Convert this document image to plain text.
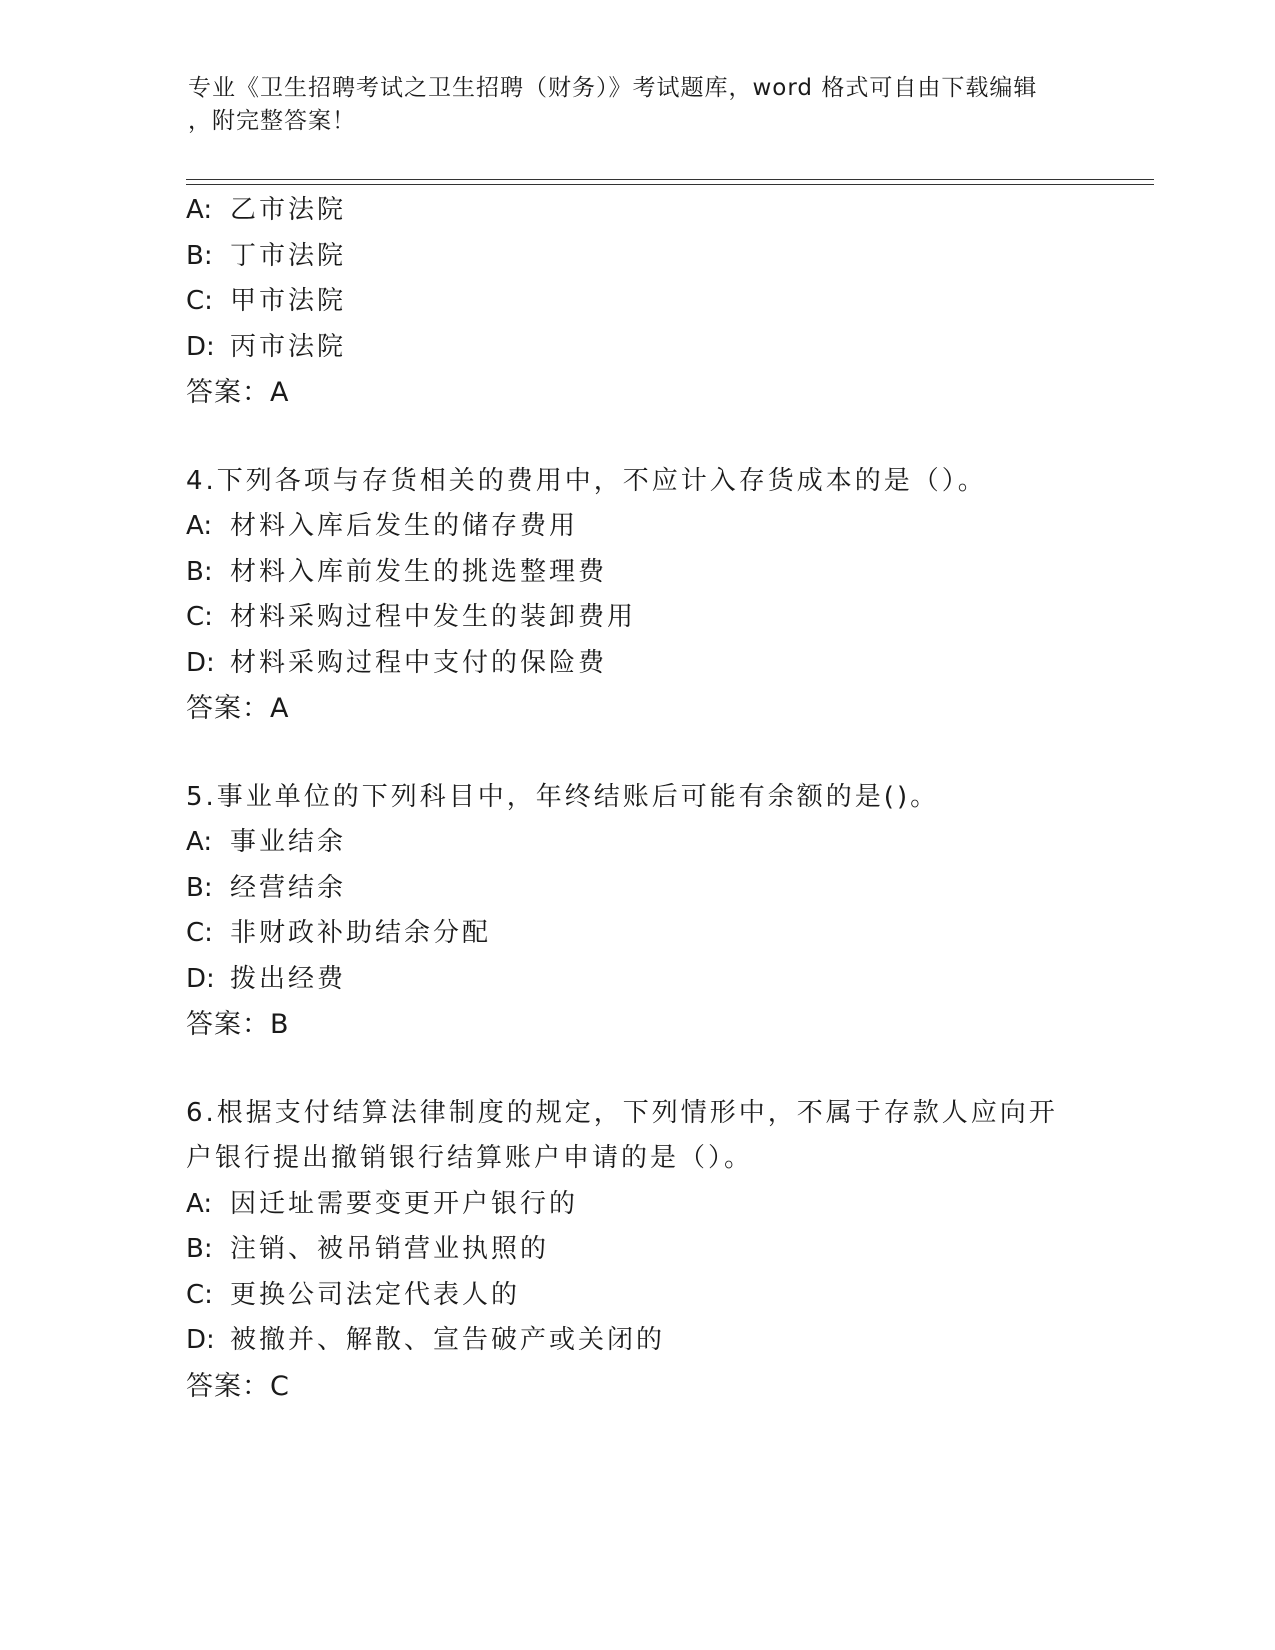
专业《卫生招聘考试之卫生招聘（财务）》考试题库，word 格式可自由下载编辑
，附完整答案！
A: 乙市法院
B: 丁市法院
C: 甲市法院
D: 丙市法院
答案：A
4.下列各项与存货相关的费用中，不应计入存货成本的是（）。
A: 材料入库后发生的储存费用
B: 材料入库前发生的挑选整理费
C: 材料采购过程中发生的装卸费用
D: 材料采购过程中支付的保险费
答案：A
5.事业单位的下列科目中，年终结账后可能有余额的是()。
A: 事业结余
B: 经营结余
C: 非财政补助结余分配
D: 拨出经费
答案：B
6.根据支付结算法律制度的规定，下列情形中，不属于存款人应向开
户银行提出撤销银行结算账户申请的是（）。
A: 因迁址需要变更开户银行的
B: 注销、被吊销营业执照的
C: 更换公司法定代表人的
D: 被撤并、解散、宣告破产或关闭的
答案：C
